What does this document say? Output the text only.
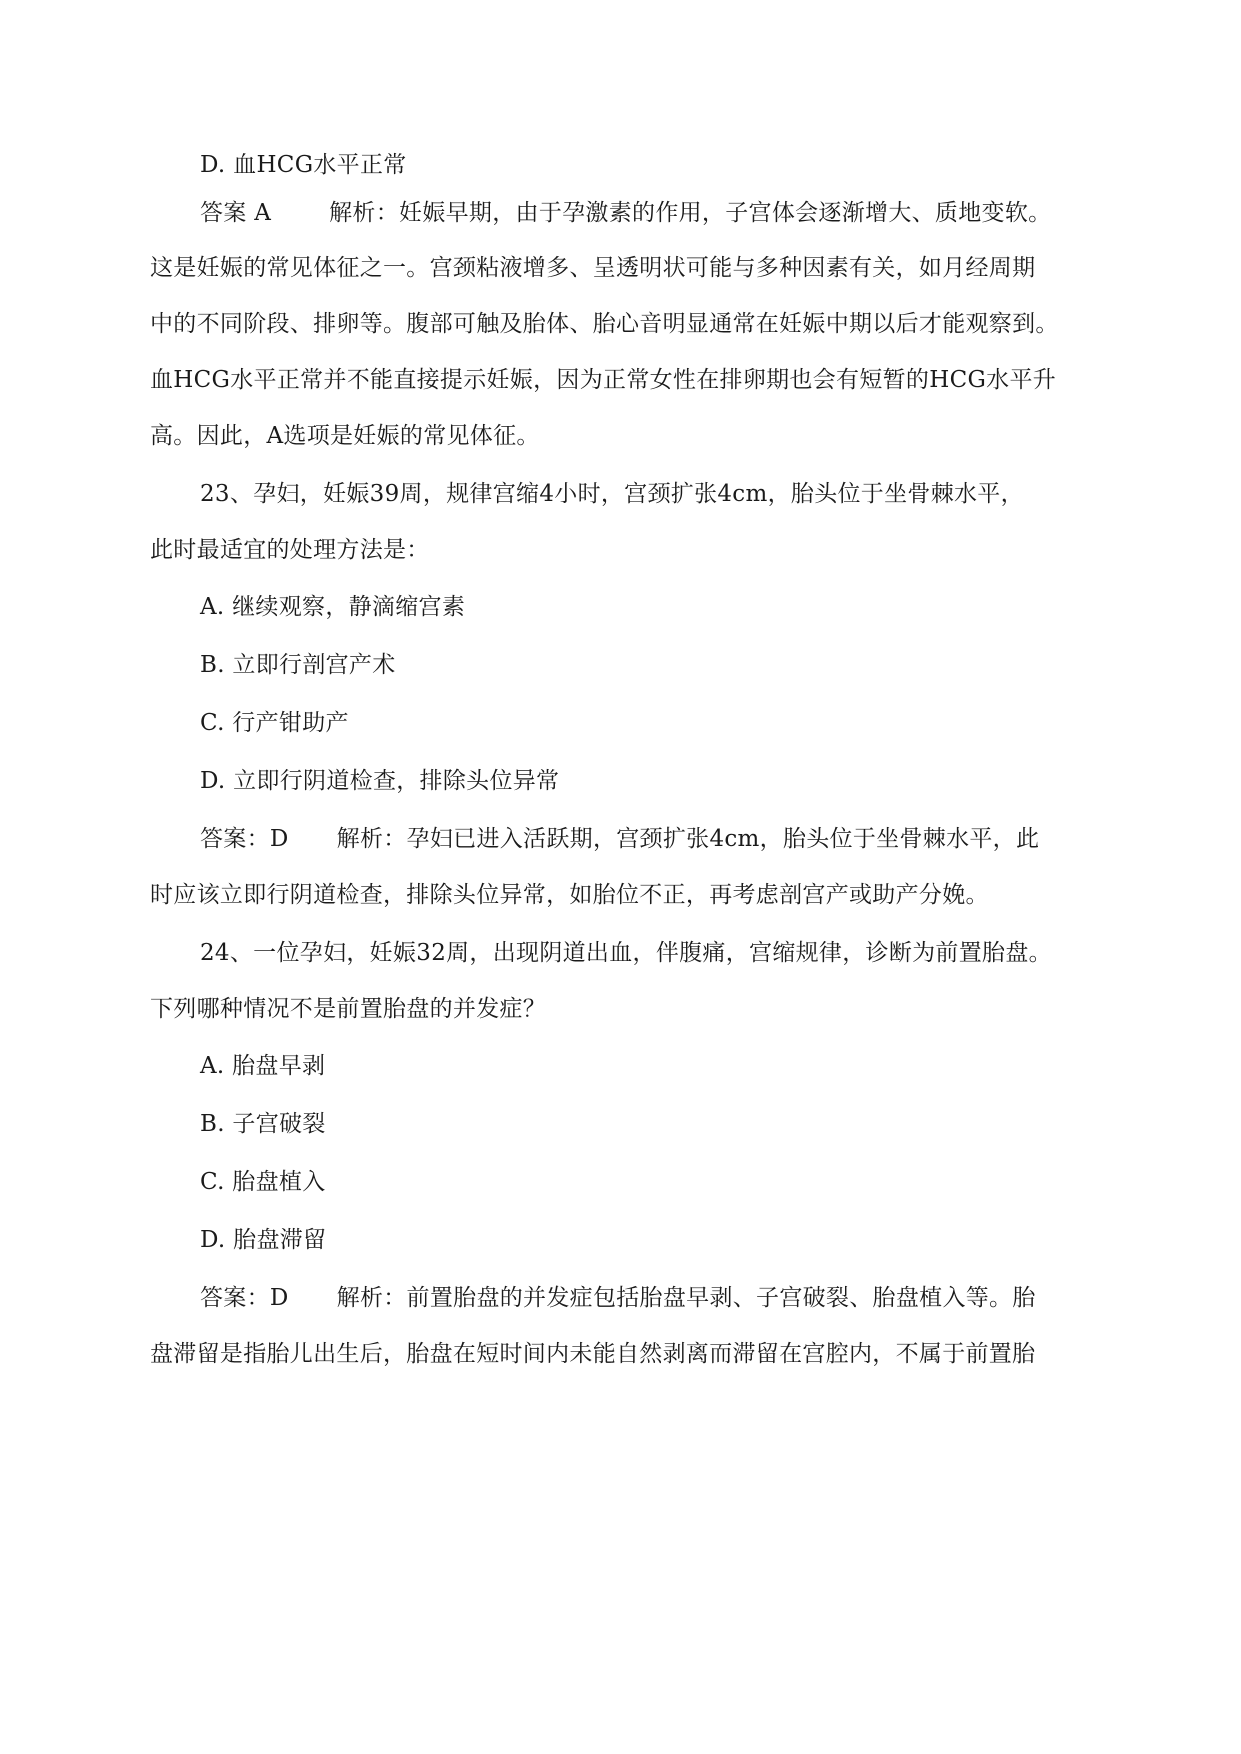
D. 血HCG水平正常
答案 A	解析：妊娠早期，由于孕激素的作用，子宫体会逐渐增大、质地变软。
这是妊娠的常见体征之一。宫颈粘液增多、呈透明状可能与多种因素有关，如月经周期
中的不同阶段、排卵等。腹部可触及胎体、胎心音明显通常在妊娠中期以后才能观察到。
血HCG水平正常并不能直接提示妊娠，因为正常女性在排卵期也会有短暂的HCG水平升
高。因此，A选项是妊娠的常见体征。
23、孕妇，妊娠39周，规律宫缩4小时，宫颈扩张4cm，胎头位于坐骨棘水平，
此时最适宜的处理方法是：
A. 继续观察，静滴缩宫素
B. 立即行剖宫产术
C. 行产钳助产
D. 立即行阴道检查，排除头位异常
答案：D 解析：孕妇已进入活跃期，宫颈扩张4cm，胎头位于坐骨棘水平，此
时应该立即行阴道检查，排除头位异常，如胎位不正，再考虑剖宫产或助产分娩。
24、一位孕妇，妊娠32周，出现阴道出血，伴腹痛，宫缩规律，诊断为前置胎盘。
下列哪种情况不是前置胎盘的并发症？
A. 胎盘早剥
B. 子宫破裂
C. 胎盘植入
D. 胎盘滞留
答案：D 解析：前置胎盘的并发症包括胎盘早剥、子宫破裂、胎盘植入等。胎
盘滞留是指胎儿出生后，胎盘在短时间内未能自然剥离而滞留在宫腔内，不属于前置胎
